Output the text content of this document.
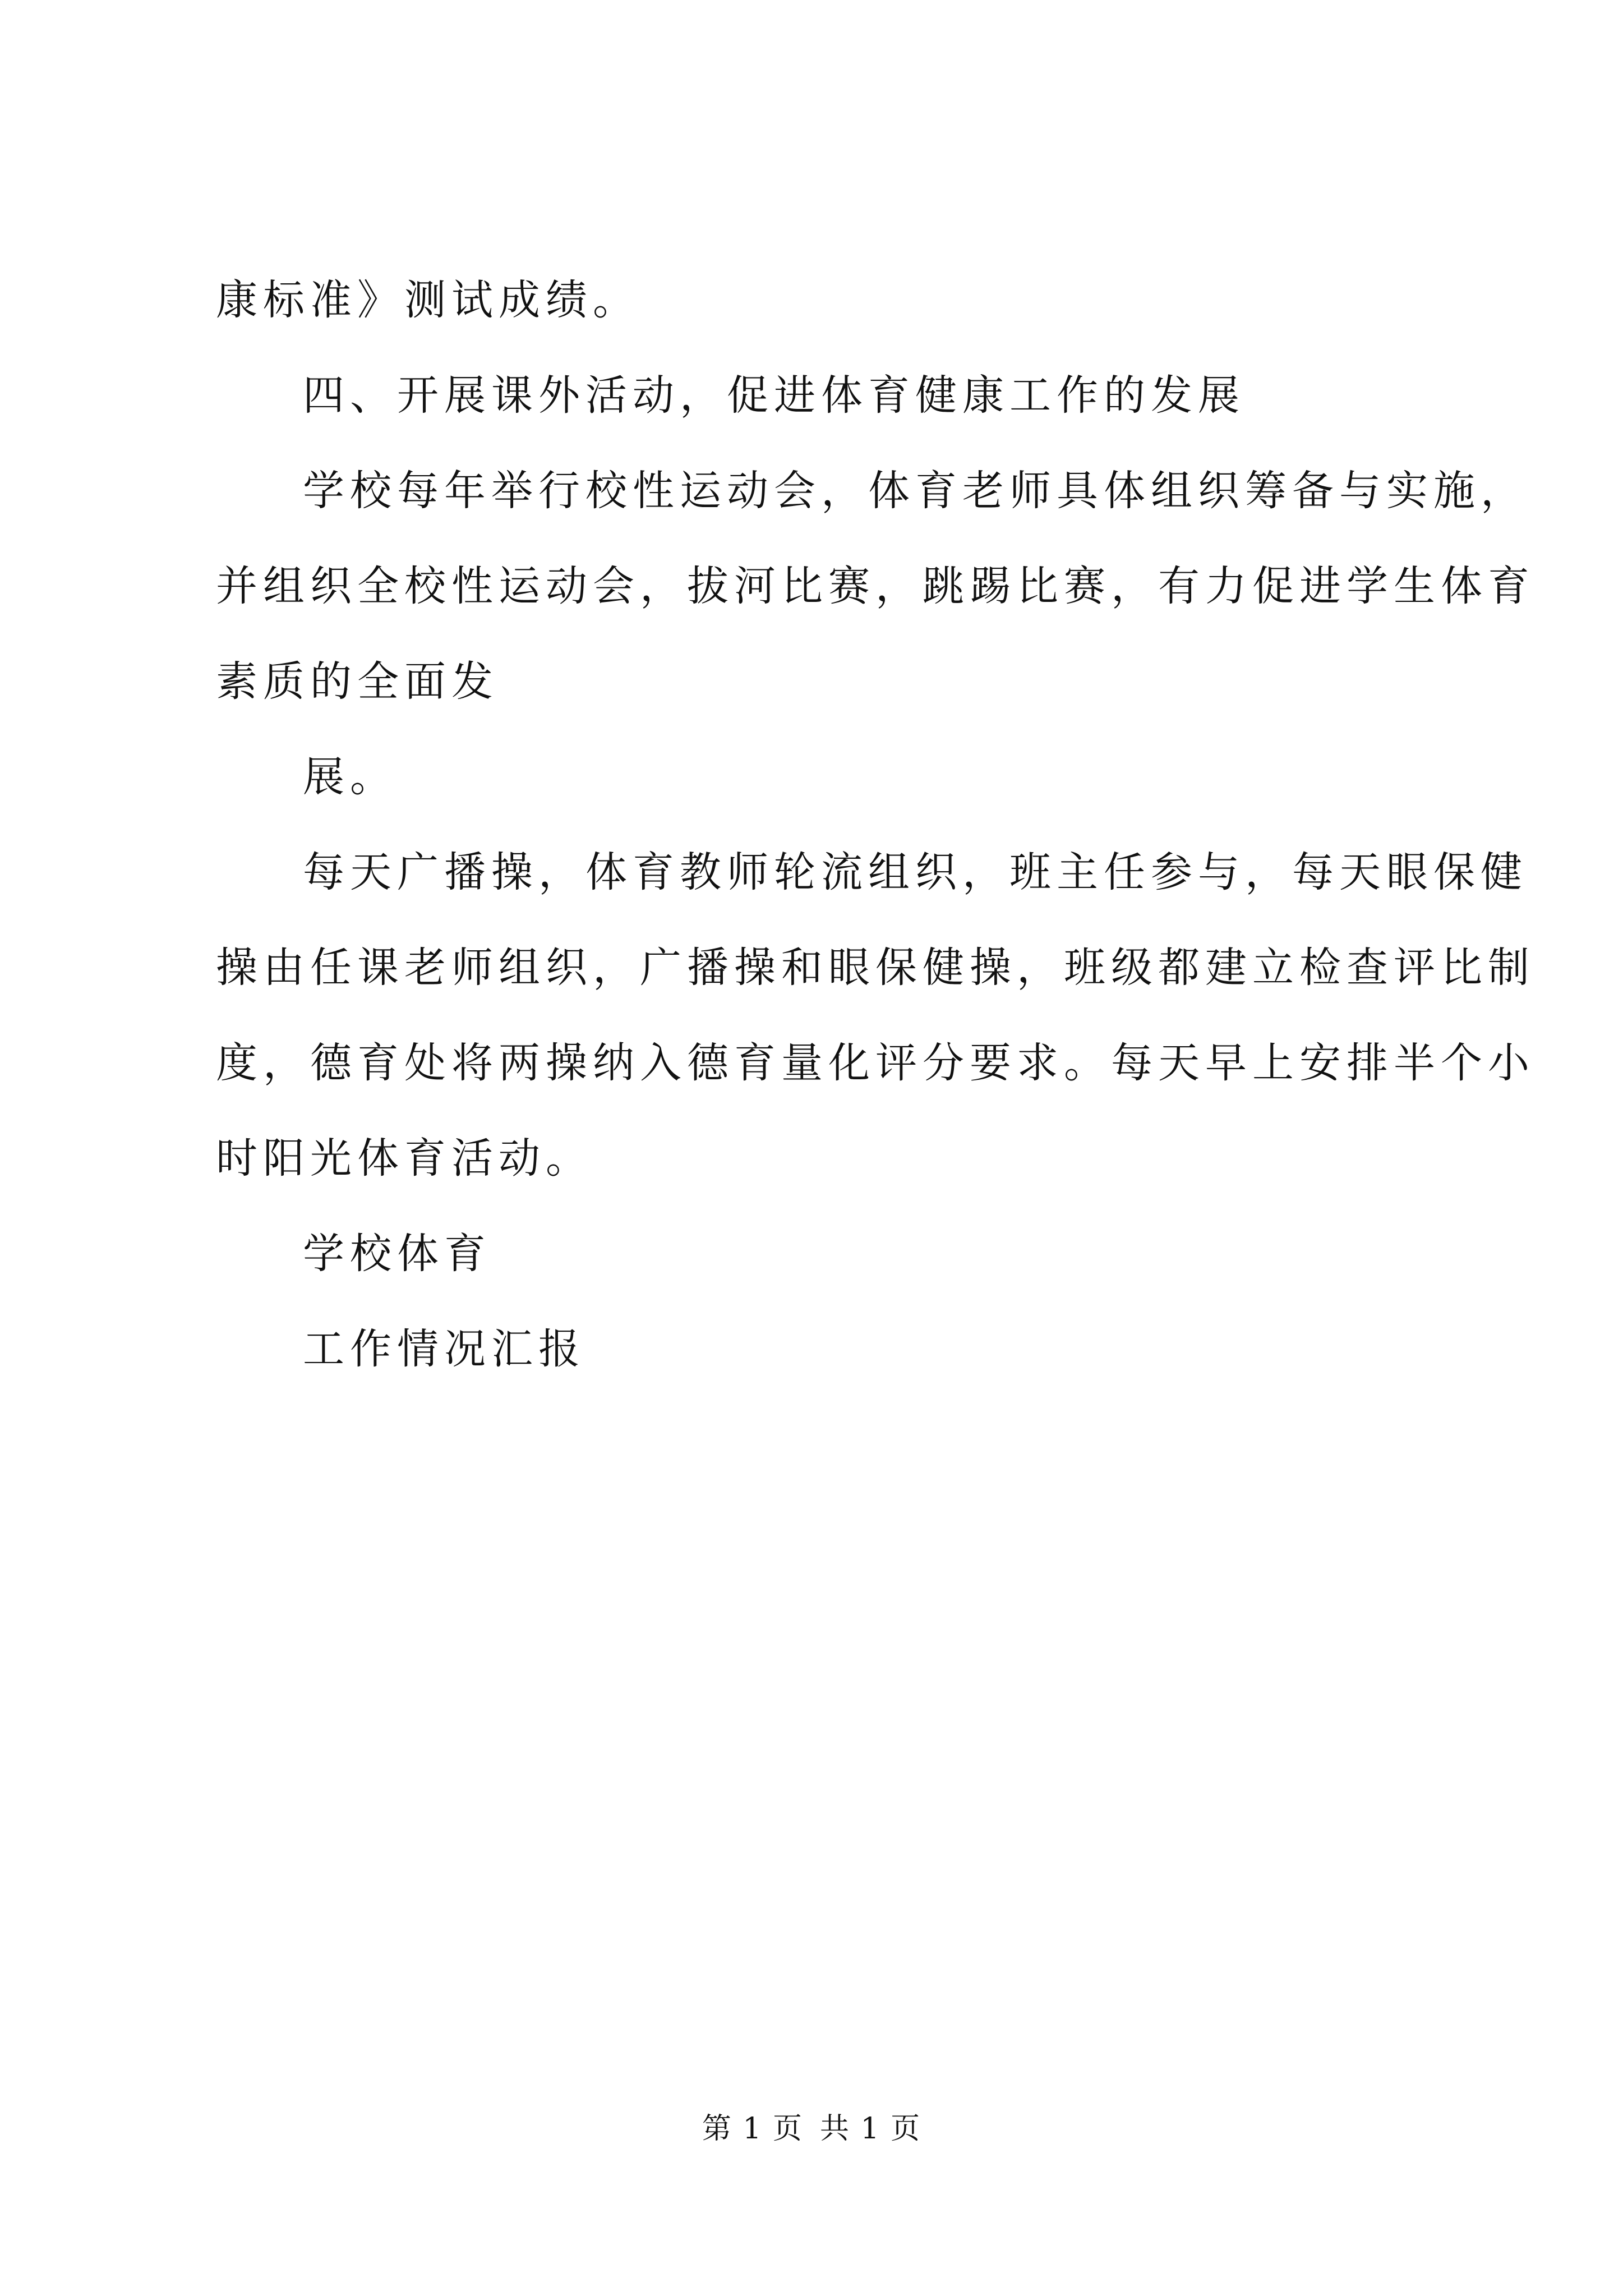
康标准》测试成绩。
四、开展课外活动，促进体育健康工作的发展
学校每年举行校性运动会，体育老师具体组织筹备与实施，
并组织全校性运动会，拔河比赛，跳踢比赛，有力促进学生体育
素质的全面发
展。
每天广播操，体育教师轮流组织，班主任参与，每天眼保健
操由任课老师组织，广播操和眼保健操，班级都建立检查评比制
度，德育处将两操纳入德育量化评分要求。每天早上安排半个小
时阳光体育活动。
学校体育
工作情况汇报
第 1 页 共 1 页
